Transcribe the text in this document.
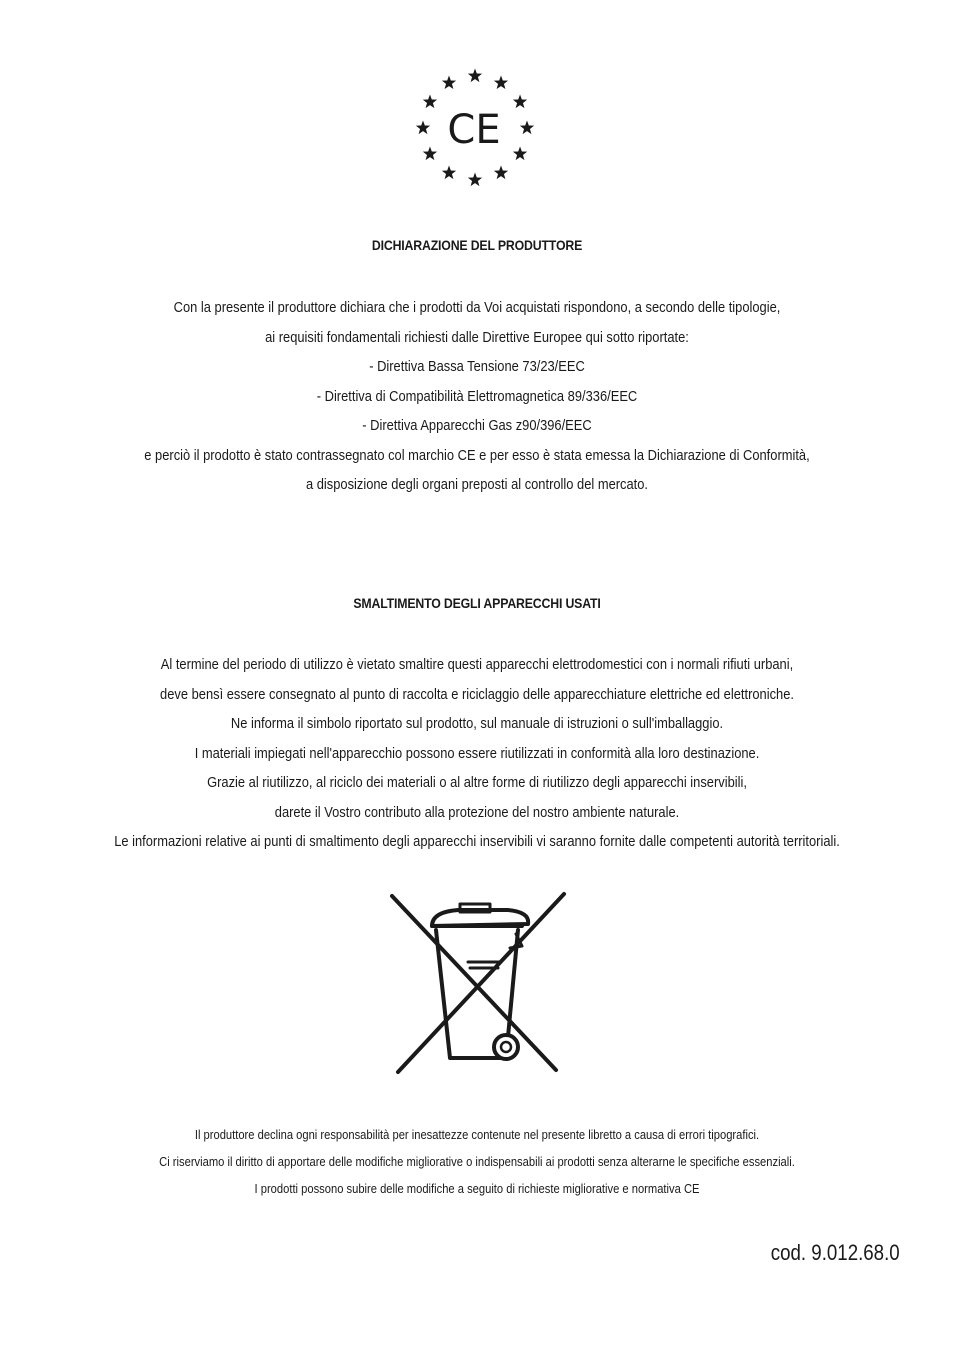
CE
DICHIARAZIONE DEL PRODUTTORE
Con la presente il produttore dichiara che i prodotti da Voi acquistati rispondono, a secondo delle tipologie,
ai requisiti fondamentali richiesti dalle Direttive Europee qui sotto riportate:
- Direttiva Bassa Tensione 73/23/EEC
- Direttiva di Compatibilità Elettromagnetica 89/336/EEC
- Direttiva Apparecchi Gas z90/396/EEC
e perciò il prodotto è stato contrassegnato col marchio CE e per esso è stata emessa la Dichiarazione di Conformità,
a disposizione degli organi preposti al controllo del mercato.
SMALTIMENTO DEGLI APPARECCHI USATI
Al termine del periodo di utilizzo è vietato smaltire questi apparecchi elettrodomestici con i normali rifiuti urbani,
deve bensì essere consegnato al punto di raccolta e riciclaggio delle apparecchiature elettriche ed elettroniche.
Ne informa il simbolo riportato sul prodotto, sul manuale di istruzioni o sull'imballaggio.
I materiali impiegati nell'apparecchio possono essere riutilizzati in conformità alla loro destinazione.
Grazie al riutilizzo, al riciclo dei materiali o al altre forme di riutilizzo degli apparecchi inservibili,
darete il Vostro contributo alla protezione del nostro ambiente naturale.
Le informazioni relative ai punti di smaltimento degli apparecchi inservibili vi saranno fornite dalle competenti autorità territoriali.
Il produttore declina ogni responsabilità per inesattezze contenute nel presente libretto a causa di errori tipografici.
Ci riserviamo il diritto di apportare delle modifiche migliorative o indispensabili ai prodotti senza alterarne le specifiche essenziali.
I prodotti possono subire delle modifiche a seguito di richieste migliorative e normativa CE
cod. 9.012.68.0
